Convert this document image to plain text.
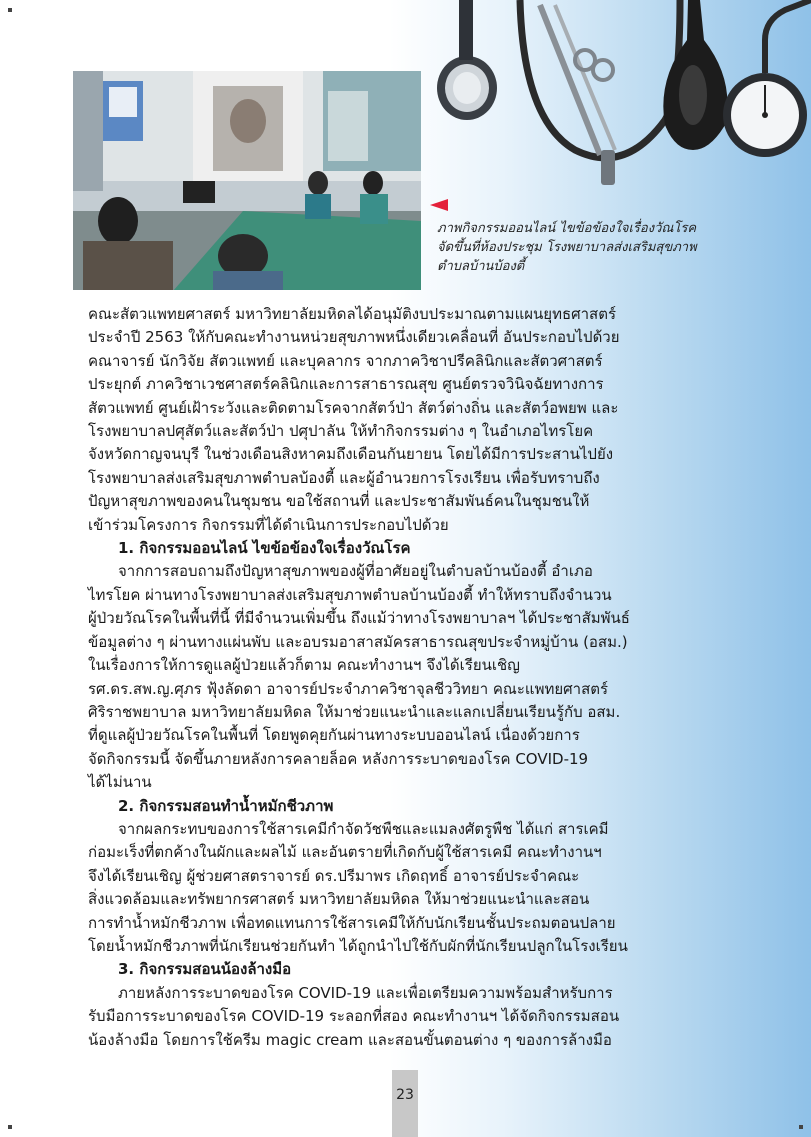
ภาพกิจกรรมออนไลน์ ไขข้อข้องใจเรื่องวัณโรค
จัดขึ้นที่ห้องประชุม โรงพยาบาลส่งเสริมสุขภาพ
ตำบลบ้านบ้องตี้
คณะสัตวแพทยศาสตร์ มหาวิทยาลัยมหิดลได้อนุมัติงบประมาณตามแผนยุทธศาสตร์
ประจำปี 2563 ให้กับคณะทำงานหน่วยสุขภาพหนึ่งเดียวเคลื่อนที่ อันประกอบไปด้วย
คณาจารย์ นักวิจัย สัตวแพทย์ และบุคลากร จากภาควิชาปรีคลินิกและสัตวศาสตร์
ประยุกต์ ภาควิชาเวชศาสตร์คลินิกและการสาธารณสุข ศูนย์ตรวจวินิจฉัยทางการ
สัตวแพทย์ ศูนย์เฝ้าระวังและติดตามโรคจากสัตว์ป่า สัตว์ต่างถิ่น และสัตว์อพยพ และ
โรงพยาบาลปศุสัตว์และสัตว์ป่า ปศุปาลัน ให้ทำกิจกรรมต่าง ๆ ในอำเภอไทรโยค
จังหวัดกาญจนบุรี ในช่วงเดือนสิงหาคมถึงเดือนกันยายน โดยได้มีการประสานไปยัง
โรงพยาบาลส่งเสริมสุขภาพตำบลบ้องตี้ และผู้อำนวยการโรงเรียน เพื่อรับทราบถึง
ปัญหาสุขภาพของคนในชุมชน ขอใช้สถานที่ และประชาสัมพันธ์คนในชุมชนให้
เข้าร่วมโครงการ กิจกรรมที่ได้ดำเนินการประกอบไปด้วย
1. กิจกรรมออนไลน์ ไขข้อข้องใจเรื่องวัณโรค
จากการสอบถามถึงปัญหาสุขภาพของผู้ที่อาศัยอยู่ในตำบลบ้านบ้องตี้ อำเภอ
ไทรโยค ผ่านทางโรงพยาบาลส่งเสริมสุขภาพตำบลบ้านบ้องตี้ ทำให้ทราบถึงจำนวน
ผู้ป่วยวัณโรคในพื้นที่นี้ ที่มีจำนวนเพิ่มขึ้น ถึงแม้ว่าทางโรงพยาบาลฯ ได้ประชาสัมพันธ์
ข้อมูลต่าง ๆ ผ่านทางแผ่นพับ และอบรมอาสาสมัครสาธารณสุขประจำหมู่บ้าน (อสม.)
ในเรื่องการให้การดูแลผู้ป่วยแล้วก็ตาม คณะทำงานฯ จึงได้เรียนเชิญ
รศ.ดร.สพ.ญ.ศุภร ฟุ้งลัดดา อาจารย์ประจำภาควิชาจุลชีววิทยา คณะแพทยศาสตร์
ศิริราชพยาบาล มหาวิทยาลัยมหิดล ให้มาช่วยแนะนำและแลกเปลี่ยนเรียนรู้กับ อสม.
ที่ดูแลผู้ป่วยวัณโรคในพื้นที่ โดยพูดคุยกันผ่านทางระบบออนไลน์ เนื่องด้วยการ
จัดกิจกรรมนี้ จัดขึ้นภายหลังการคลายล็อค หลังการระบาดของโรค COVID-19
ได้ไม่นาน
2. กิจกรรมสอนทำน้ำหมักชีวภาพ
จากผลกระทบของการใช้สารเคมีกำจัดวัชพืชและแมลงศัตรูพืช ได้แก่ สารเคมี
ก่อมะเร็งที่ตกค้างในผักและผลไม้ และอันตรายที่เกิดกับผู้ใช้สารเคมี คณะทำงานฯ
จึงได้เรียนเชิญ ผู้ช่วยศาสตราจารย์ ดร.ปรีมาพร เกิดฤทธิ์ อาจารย์ประจำคณะ
สิ่งแวดล้อมและทรัพยากรศาสตร์ มหาวิทยาลัยมหิดล ให้มาช่วยแนะนำและสอน
การทำน้ำหมักชีวภาพ เพื่อทดแทนการใช้สารเคมีให้กับนักเรียนชั้นประถมตอนปลาย
โดยน้ำหมักชีวภาพที่นักเรียนช่วยกันทำ ได้ถูกนำไปใช้กับผักที่นักเรียนปลูกในโรงเรียน
3. กิจกรรมสอนน้องล้างมือ
ภายหลังการระบาดของโรค COVID-19 และเพื่อเตรียมความพร้อมสำหรับการ
รับมือการระบาดของโรค COVID-19 ระลอกที่สอง คณะทำงานฯ ได้จัดกิจกรรมสอน
น้องล้างมือ โดยการใช้ครีม magic cream และสอนขั้นตอนต่าง ๆ ของการล้างมือ
23
